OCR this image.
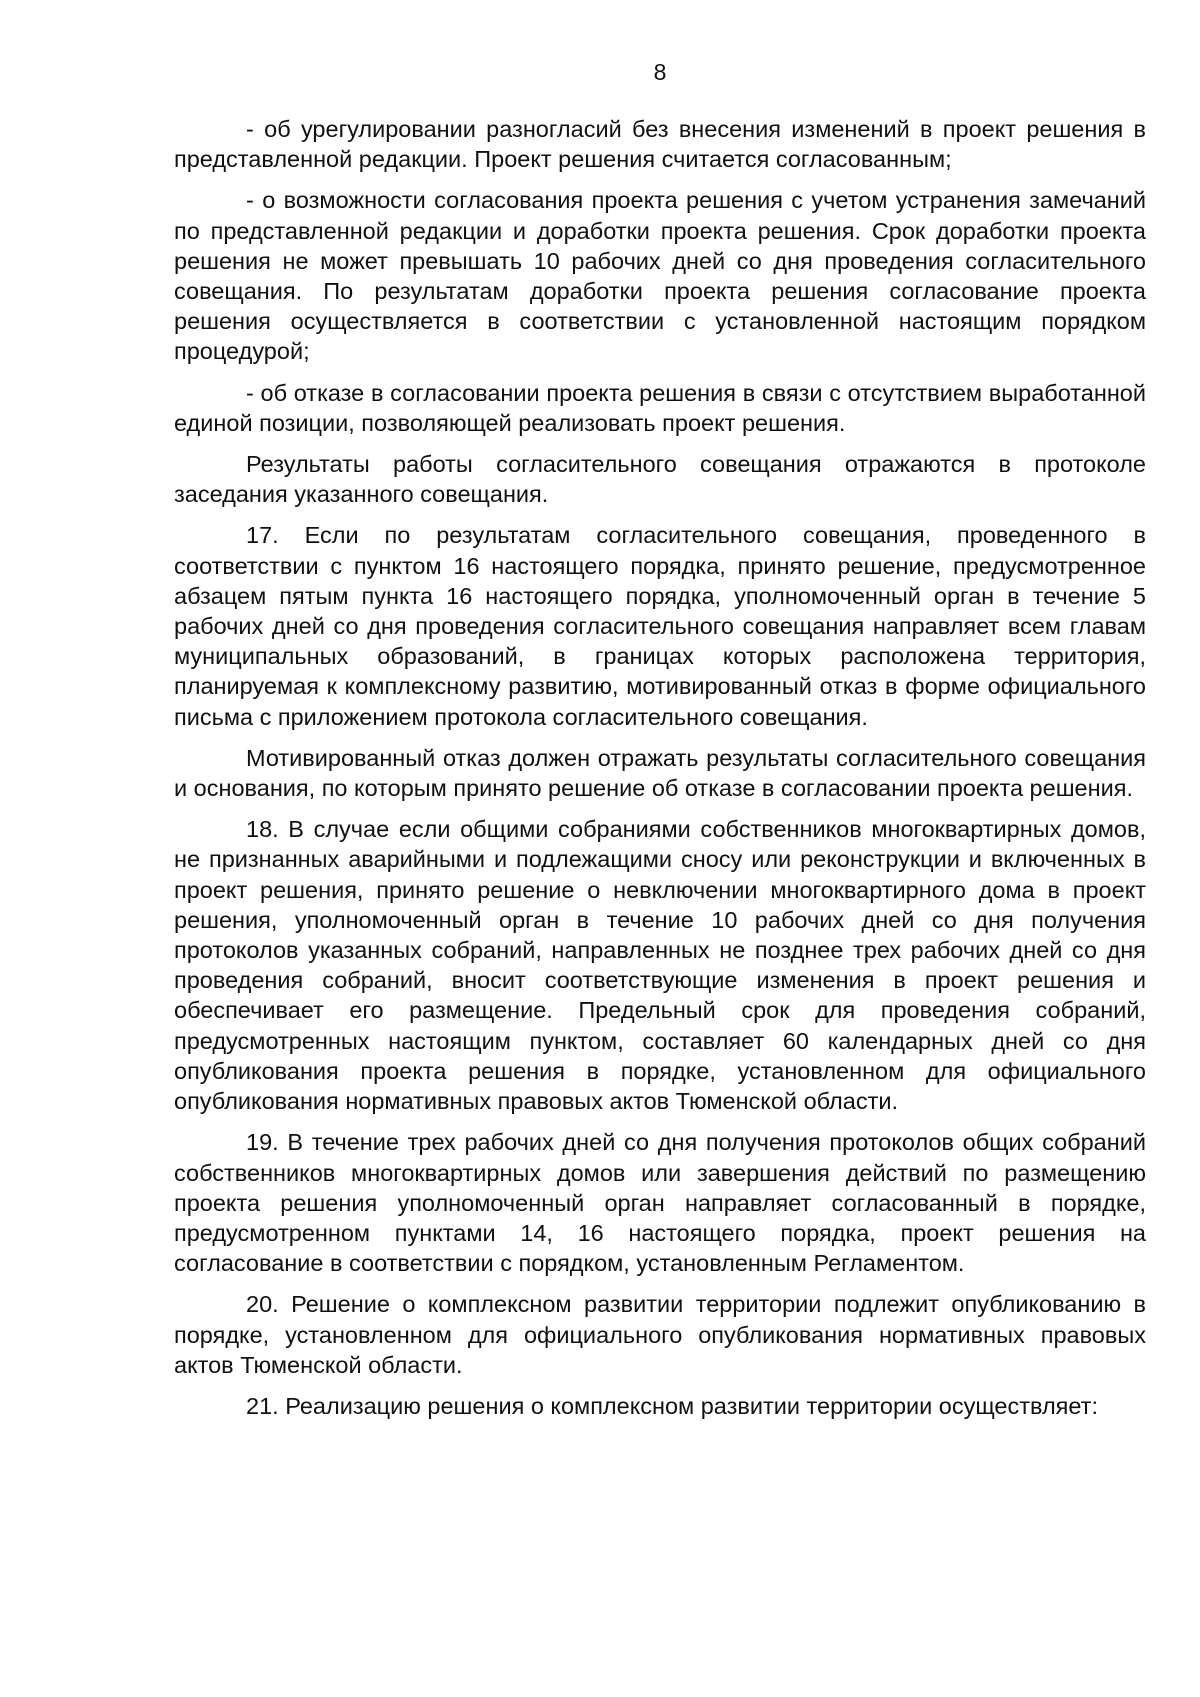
8

- об урегулировании разногласий без внесения изменений в проект решения в представленной редакции. Проект решения считается согласованным;

- о возможности согласования проекта решения с учетом устранения замечаний по представленной редакции и доработки проекта решения. Срок доработки проекта решения не может превышать 10 рабочих дней со дня проведения согласительного совещания. По результатам доработки проекта решения согласование проекта решения осуществляется в соответствии с установленной настоящим порядком процедурой;

- об отказе в согласовании проекта решения в связи с отсутствием выработанной единой позиции, позволяющей реализовать проект решения.

Результаты работы согласительного совещания отражаются в протоколе заседания указанного совещания.

17. Если по результатам согласительного совещания, проведенного в соответствии с пунктом 16 настоящего порядка, принято решение, предусмотренное абзацем пятым пункта 16 настоящего порядка, уполномоченный орган в течение 5 рабочих дней со дня проведения согласительного совещания направляет всем главам муниципальных образований, в границах которых расположена территория, планируемая к комплексному развитию, мотивированный отказ в форме официального письма с приложением протокола согласительного совещания.

Мотивированный отказ должен отражать результаты согласительного совещания и основания, по которым принято решение об отказе в согласовании проекта решения.

18. В случае если общими собраниями собственников многоквартирных домов, не признанных аварийными и подлежащими сносу или реконструкции и включенных в проект решения, принято решение о невключении многоквартирного дома в проект решения, уполномоченный орган в течение 10 рабочих дней со дня получения протоколов указанных собраний, направленных не позднее трех рабочих дней со дня проведения собраний, вносит соответствующие изменения в проект решения и обеспечивает его размещение. Предельный срок для проведения собраний, предусмотренных настоящим пунктом, составляет 60 календарных дней со дня опубликования проекта решения в порядке, установленном для официального опубликования нормативных правовых актов Тюменской области.

19. В течение трех рабочих дней со дня получения протоколов общих собраний собственников многоквартирных домов или завершения действий по размещению проекта решения уполномоченный орган направляет согласованный в порядке, предусмотренном пунктами 14, 16 настоящего порядка, проект решения на согласование в соответствии с порядком, установленным Регламентом.

20. Решение о комплексном развитии территории подлежит опубликованию в порядке, установленном для официального опубликования нормативных правовых актов Тюменской области.

21. Реализацию решения о комплексном развитии территории осуществляет:
